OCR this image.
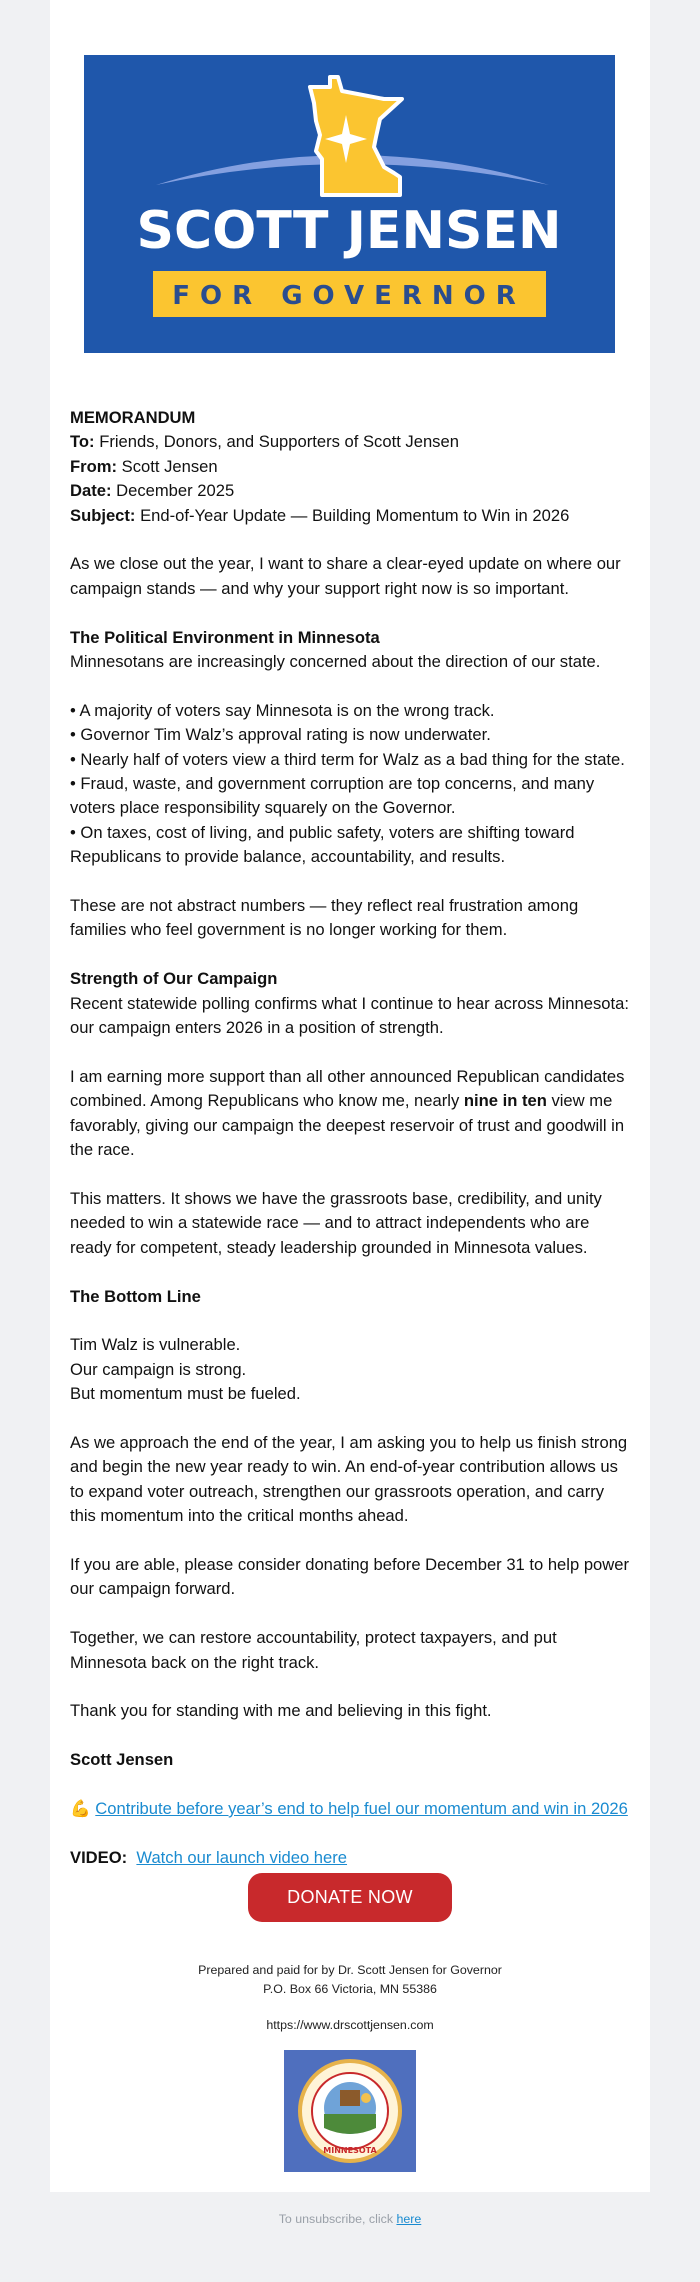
SCOTT JENSEN
FOR GOVERNOR

MEMORANDUM

To: Friends, Donors, and Supporters of Scott Jensen

From: Scott Jensen

Date: December 2025

Subject: End-of-Year Update — Building Momentum to Win in 2026

As we close out the year, I want to share a clear-eyed update on where our campaign stands — and why your support right now is so important.

The Political Environment in Minnesota

Minnesotans are increasingly concerned about the direction of our state.

• A majority of voters say Minnesota is on the wrong track.

• Governor Tim Walz’s approval rating is now underwater.

• Nearly half of voters view a third term for Walz as a bad thing for the state.

• Fraud, waste, and government corruption are top concerns, and many voters place responsibility squarely on the Governor.

• On taxes, cost of living, and public safety, voters are shifting toward Republicans to provide balance, accountability, and results.

These are not abstract numbers — they reflect real frustration among families who feel government is no longer working for them.

Strength of Our Campaign

Recent statewide polling confirms what I continue to hear across Minnesota: our campaign enters 2026 in a position of strength.

I am earning more support than all other announced Republican candidates combined. Among Republicans who know me, nearly nine in ten view me favorably, giving our campaign the deepest reservoir of trust and goodwill in the race.

This matters. It shows we have the grassroots base, credibility, and unity needed to win a statewide race — and to attract independents who are ready for competent, steady leadership grounded in Minnesota values.

The Bottom Line

Tim Walz is vulnerable.

Our campaign is strong.

But momentum must be fueled.

As we approach the end of the year, I am asking you to help us finish strong and begin the new year ready to win. An end-of-year contribution allows us to expand voter outreach, strengthen our grassroots operation, and carry this momentum into the critical months ahead.

If you are able, please consider donating before December 31 to help power our campaign forward.

Together, we can restore accountability, protect taxpayers, and put Minnesota back on the right track.

Thank you for standing with me and believing in this fight.

Scott Jensen

💪 Contribute before year’s end to help fuel our momentum and win in 2026

VIDEO: Watch our launch video here

DONATE NOW
Prepared and paid for by Dr. Scott Jensen for Governor
P.O. Box 66 Victoria, MN 55386
https://www.drscottjensen.com
MINNESOTA
To unsubscribe, click here
